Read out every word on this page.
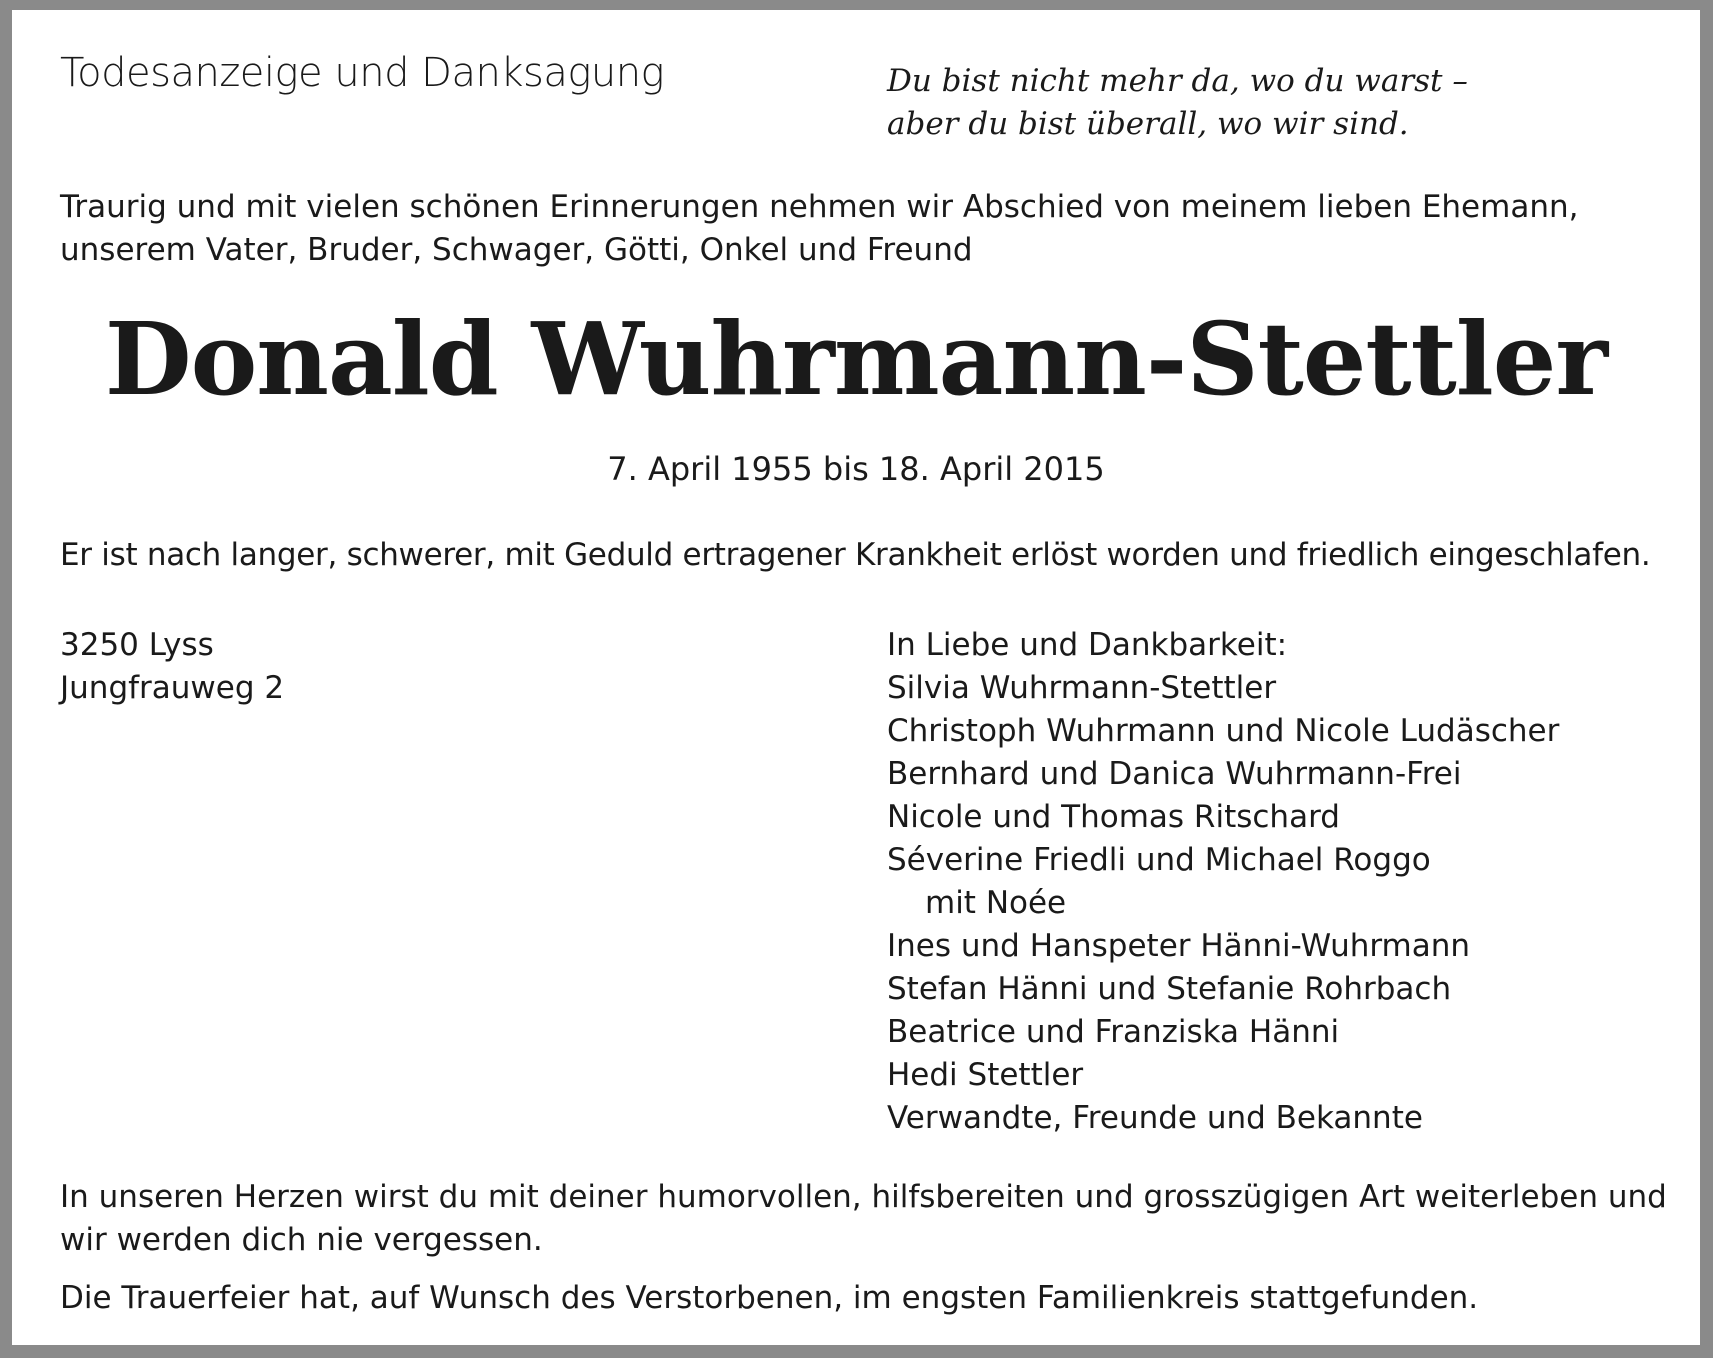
Todesanzeige und Danksagung	Du bist nicht mehr da, wo du warst –
aber du bist überall, wo wir sind.

Traurig und mit vielen schönen Erinnerungen nehmen wir Abschied von meinem lieben Ehemann, unserem Vater, Bruder, Schwager, Götti, Onkel und Freund

Donald Wuhrmann-Stettler

7. April 1955 bis 18. April 2015

Er ist nach langer, schwerer, mit Geduld ertragener Krankheit erlöst worden und friedlich eingeschlafen.

3250 Lyss
Jungfrauweg 2
In Liebe und Dankbarkeit:
Silvia Wuhrmann-Stettler
Christoph Wuhrmann und Nicole Ludäscher
Bernhard und Danica Wuhrmann-Frei
Nicole und Thomas Ritschard
Séverine Friedli und Michael Roggo
mit Noée
Ines und Hanspeter Hänni-Wuhrmann
Stefan Hänni und Stefanie Rohrbach
Beatrice und Franziska Hänni
Hedi Stettler
Verwandte, Freunde und Bekannte

In unseren Herzen wirst du mit deiner humorvollen, hilfsbereiten und grosszügigen Art weiterleben und wir werden dich nie vergessen.

Die Trauerfeier hat, auf Wunsch des Verstorbenen, im engsten Familienkreis stattgefunden.
